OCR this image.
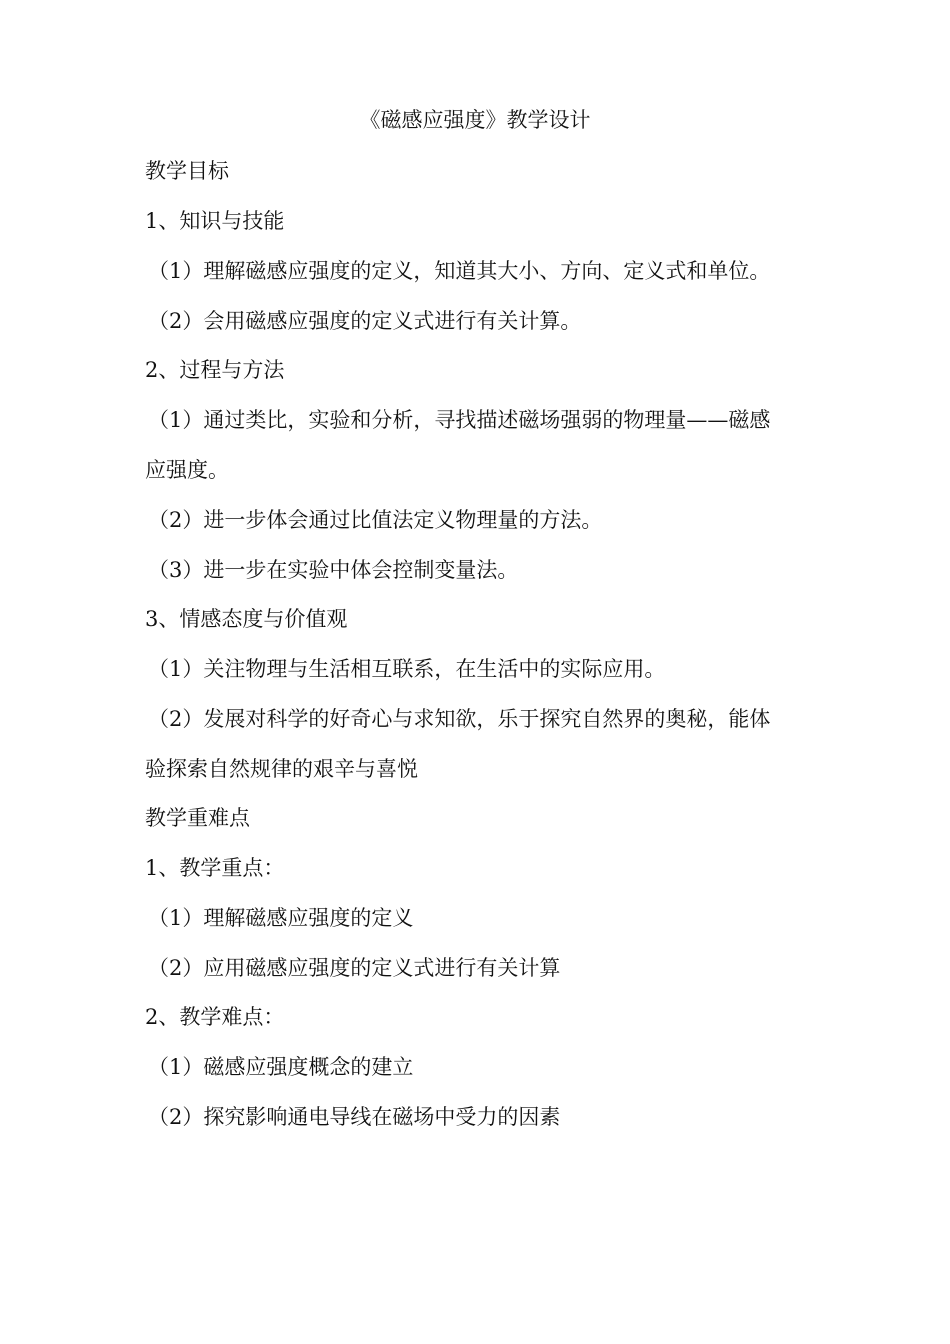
《磁感应强度》教学设计
教学目标
1、知识与技能
（1）理解磁感应强度的定义，知道其大小、方向、定义式和单位。
（2）会用磁感应强度的定义式进行有关计算。
2、过程与方法
（1）通过类比，实验和分析，寻找描述磁场强弱的物理量——磁感
应强度。
（2）进一步体会通过比值法定义物理量的方法。
（3）进一步在实验中体会控制变量法。
3、情感态度与价值观
（1）关注物理与生活相互联系，在生活中的实际应用。
（2）发展对科学的好奇心与求知欲，乐于探究自然界的奥秘，能体
验探索自然规律的艰辛与喜悦
教学重难点
1、教学重点：
（1）理解磁感应强度的定义
（2）应用磁感应强度的定义式进行有关计算
2、教学难点：
（1）磁感应强度概念的建立
（2）探究影响通电导线在磁场中受力的因素
